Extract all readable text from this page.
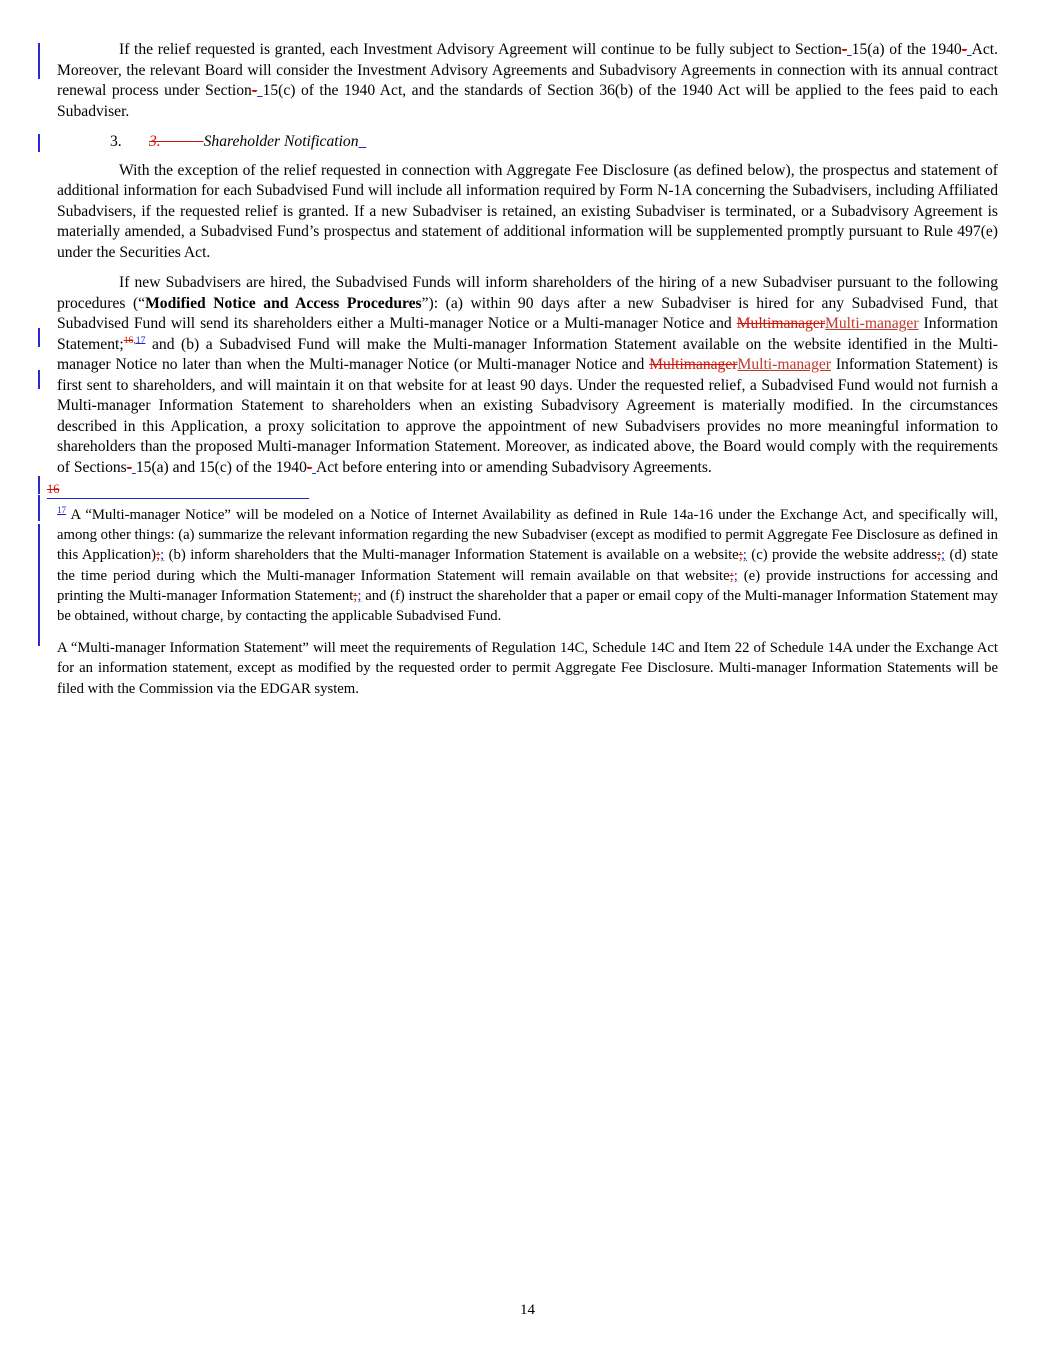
If the relief requested is granted, each Investment Advisory Agreement will continue to be fully subject to Section- 15(a) of the 1940- Act. Moreover, the relevant Board will consider the Investment Advisory Agreements and Subadvisory Agreements in connection with its annual contract renewal process under Section- 15(c) of the 1940 Act, and the standards of Section 36(b) of the 1940 Act will be applied to the fees paid to each Subadviser.
3. 3.	Shareholder Notification
With the exception of the relief requested in connection with Aggregate Fee Disclosure (as defined below), the prospectus and statement of additional information for each Subadvised Fund will include all information required by Form N-1A concerning the Subadvisers, including Affiliated Subadvisers, if the requested relief is granted. If a new Subadviser is retained, an existing Subadviser is terminated, or a Subadvisory Agreement is materially amended, a Subadvised Fund’s prospectus and statement of additional information will be supplemented promptly pursuant to Rule 497(e) under the Securities Act.
If new Subadvisers are hired, the Subadvised Funds will inform shareholders of the hiring of a new Subadviser pursuant to the following procedures (“Modified Notice and Access Procedures”): (a) within 90 days after a new Subadviser is hired for any Subadvised Fund, that Subadvised Fund will send its shareholders either a Multi-manager Notice or a Multi-manager Notice and MultimanagerMulti-manager Information Statement;$^{16,17}$ and (b) a Subadvised Fund will make the Multi-manager Information Statement available on the website identified in the Multi-manager Notice no later than when the Multi-manager Notice (or Multi-manager Notice and MultimanagerMulti-manager Information Statement) is first sent to shareholders, and will maintain it on that website for at least 90 days. Under the requested relief, a Subadvised Fund would not furnish a Multi-manager Information Statement to shareholders when an existing Subadvisory Agreement is materially modified. In the circumstances described in this Application, a proxy solicitation to approve the appointment of new Subadvisers provides no more meaningful information to shareholders than the proposed Multi-manager Information Statement. Moreover, as indicated above, the Board would comply with the requirements of Sections- 15(a) and 15(c) of the 1940- Act before entering into or amending Subadvisory Agreements.
16
$^{17}$ A “Multi-manager Notice” will be modeled on a Notice of Internet Availability as defined in Rule 14a-16 under the Exchange Act, and specifically will, among other things: (a) summarize the relevant information regarding the new Subadviser (except as modified to permit Aggregate Fee Disclosure as defined in this Application);; (b) inform shareholders that the Multi-manager Information Statement is available on a website;; (c) provide the website address;; (d) state the time period during which the Multi-manager Information Statement will remain available on that website;; (e) provide instructions for accessing and printing the Multi-manager Information Statement;; and (f) instruct the shareholder that a paper or email copy of the Multi-manager Information Statement may be obtained, without charge, by contacting the applicable Subadvised Fund.
A “Multi-manager Information Statement” will meet the requirements of Regulation 14C, Schedule 14C and Item 22 of Schedule 14A under the Exchange Act for an information statement, except as modified by the requested order to permit Aggregate Fee Disclosure. Multi-manager Information Statements will be filed with the Commission via the EDGAR system.
14
